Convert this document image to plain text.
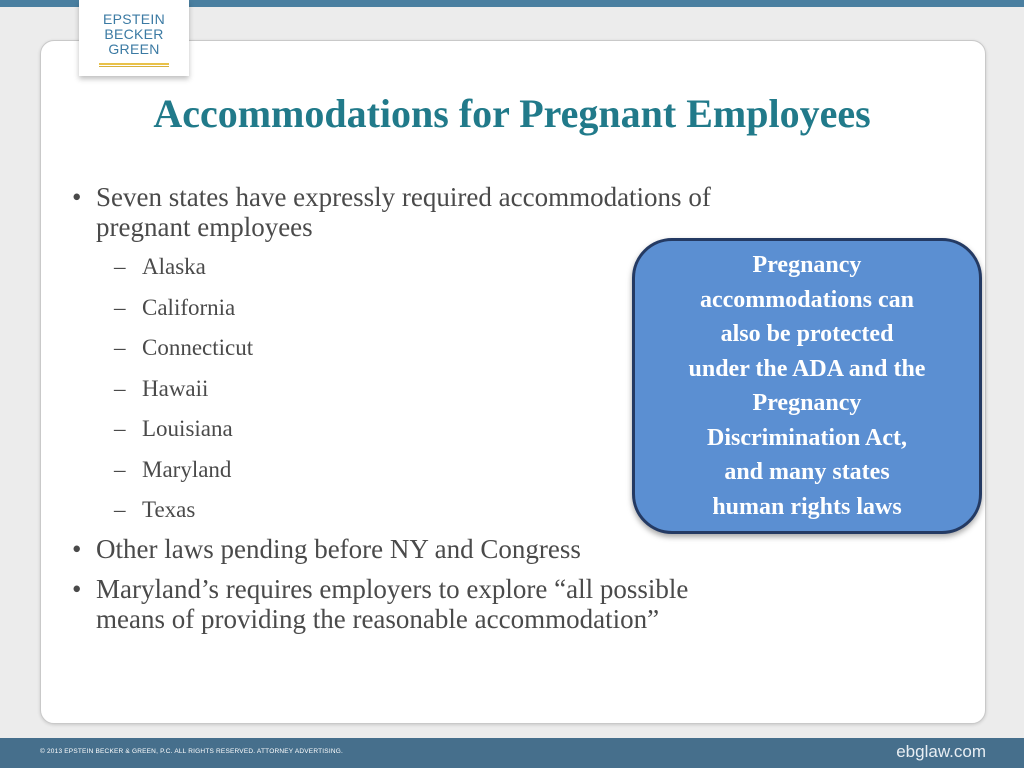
EPSTEIN
BECKER
GREEN
Accommodations for Pregnant Employees
• Seven states have expressly required accommodations of pregnant employees
– Alaska
– California
– Connecticut
– Hawaii
– Louisiana
– Maryland
– Texas
• Other laws pending before NY and Congress
• Maryland’s requires employers to explore “all possible means of providing the reasonable accommodation”
Pregnancy
accommodations can
also be protected
under the ADA and the
Pregnancy
Discrimination Act,
and many states
human rights laws
© 2013 EPSTEIN BECKER & GREEN, P.C. ALL RIGHTS RESERVED. ATTORNEY ADVERTISING.	ebglaw.com
